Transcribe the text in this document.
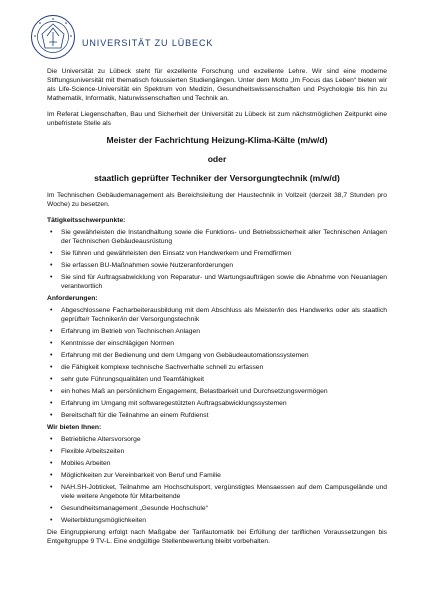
UNIVERSITÄT ZU LÜBECK

Die Universität zu Lübeck steht für exzellente Forschung und exzellente Lehre. Wir sind eine moderne Stiftungsuniversität mit thematisch fokussierten Studiengängen. Unter dem Motto „Im Focus das Leben“ bieten wir als Life-Science-Universität ein Spektrum von Medizin, Gesundheitswissenschaften und Psychologie bis hin zu Mathematik, Informatik, Naturwissenschaften und Technik an.

Im Referat Liegenschaften, Bau und Sicherheit der Universität zu Lübeck ist zum nächstmöglichen Zeitpunkt eine unbefristete Stelle als

Meister der Fachrichtung Heizung-Klima-Kälte (m/w/d)
oder
staatlich geprüfter Techniker der Versorgungtechnik (m/w/d)

Im Technischen Gebäudemanagement als Bereichsleitung der Haustechnik in Vollzeit (derzeit 38,7 Stunden pro Woche) zu besetzen.

Tätigkeitsschwerpunkte:
• Sie gewährleisten die Instandhaltung sowie die Funktions- und Betriebssicherheit aller Technischen Anlagen der Technischen Gebäudeausrüstung
• Sie führen und gewährleisten den Einsatz von Handwerkern und Fremdfirmen
• Sie erfassen BU-Maßnahmen sowie Nutzeranforderungen
• Sie sind für Auftragsabwicklung von Reparatur- und Wartungsaufträgen sowie die Abnahme von Neuanlagen verantwortlich
Anforderungen:
• Abgeschlossene Facharbeiterausbildung mit dem Abschluss als Meister/in des Handwerks oder als staatlich geprüfte/r Techniker/in der Versorgungstechnik
• Erfahrung im Betrieb von Technischen Anlagen
• Kenntnisse der einschlägigen Normen
• Erfahrung mit der Bedienung und dem Umgang von Gebäudeautomationssystemen
• die Fähigkeit komplexe technische Sachverhalte schnell zu erfassen
• sehr gute Führungsqualitäten und Teamfähigkeit
• ein hohes Maß an persönlichem Engagement, Belastbarkeit und Durchsetzungsvermögen
• Erfahrung im Umgang mit softwaregestützten Auftragsabwicklungssystemen
• Bereitschaft für die Teilnahme an einem Rufdienst
Wir bieten Ihnen:
• Betriebliche Altersvorsorge
• Flexible Arbeitszeiten
• Mobiles Arbeiten
• Möglichkeiten zur Vereinbarkeit von Beruf und Familie
• NAH.SH-Jobticket, Teilnahme am Hochschulsport, vergünstigtes Mensaessen auf dem Campusgelände und viele weitere Angebote für Mitarbeitende
• Gesundheitsmanagement „Gesunde Hochschule“
• Weiterbildungsmöglichkeiten

Die Eingruppierung erfolgt nach Maßgabe der Tarifautomatik bei Erfüllung der tariflichen Voraussetzungen bis Entgeltgruppe 9 TV-L. Eine endgültige Stellenbewertung bleibt vorbehalten.
